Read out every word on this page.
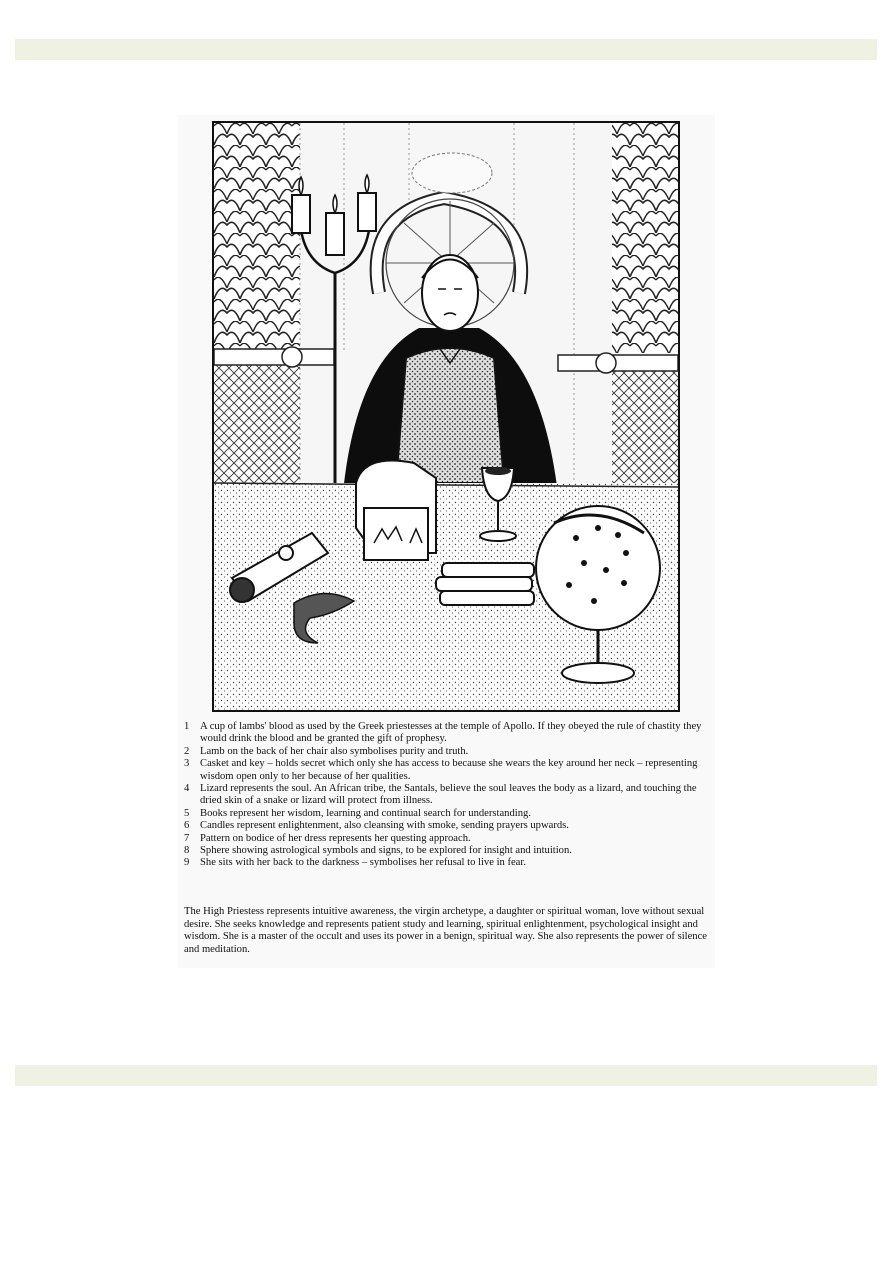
1	A cup of lambs' blood as used by the Greek priestesses at the temple of Apollo. If they obeyed the rule of chastity they would drink the blood and be granted the gift of prophesy.
2	Lamb on the back of her chair also symbolises purity and truth.
3	Casket and key – holds secret which only she has access to because she wears the key around her neck – representing wisdom open only to her because of her qualities.
4	Lizard represents the soul. An African tribe, the Santals, believe the soul leaves the body as a lizard, and touching the dried skin of a snake or lizard will protect from illness.
5	Books represent her wisdom, learning and continual search for understanding.
6	Candles represent enlightenment, also cleansing with smoke, sending prayers upwards.
7	Pattern on bodice of her dress represents her questing approach.
8	Sphere showing astrological symbols and signs, to be explored for insight and intuition.
9	She sits with her back to the darkness – symbolises her refusal to live in fear.

The High Priestess represents intuitive awareness, the virgin archetype, a daughter or spiritual woman, love without sexual desire. She seeks knowledge and represents patient study and learning, spiritual enlightenment, psychological insight and wisdom. She is a master of the occult and uses its power in a benign, spiritual way. She also represents the power of silence and meditation.
